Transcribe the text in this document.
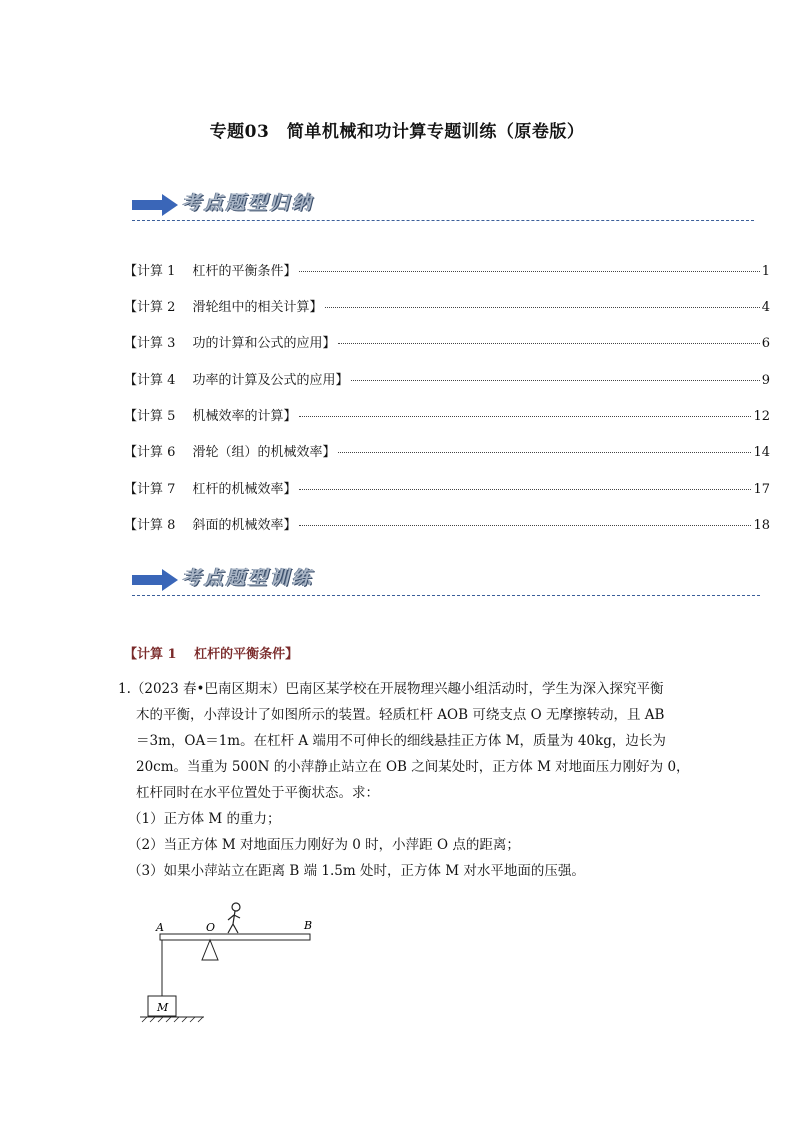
专题03　简单机械和功计算专题训练（原卷版）
考点题型归纳
【计算 1　 杠杆的平衡条件】	1
【计算 2　 滑轮组中的相关计算】	4
【计算 3　 功的计算和公式的应用】	6
【计算 4　 功率的计算及公式的应用】	9
【计算 5　 机械效率的计算】	12
【计算 6　 滑轮（组）的机械效率】	14
【计算 7　 杠杆的机械效率】	17
【计算 8　 斜面的机械效率】	18
考点题型训练
【计算 1　 杠杆的平衡条件】
1.（2023 春•巴南区期末）巴南区某学校在开展物理兴趣小组活动时，学生为深入探究平衡
木的平衡，小萍设计了如图所示的装置。轻质杠杆 AOB 可绕支点 O 无摩擦转动，且 AB
＝3m，OA＝1m。在杠杆 A 端用不可伸长的细线悬挂正方体 M，质量为 40kg，边长为
20cm。当重为 500N 的小萍静止站立在 OB 之间某处时，正方体 M 对地面压力刚好为 0，
杠杆同时在水平位置处于平衡状态。求：
（1）正方体 M 的重力；
（2）当正方体 M 对地面压力刚好为 0 时，小萍距 O 点的距离；
（3）如果小萍站立在距离 B 端 1.5m 处时，正方体 M 对水平地面的压强。
A	O	B
M
